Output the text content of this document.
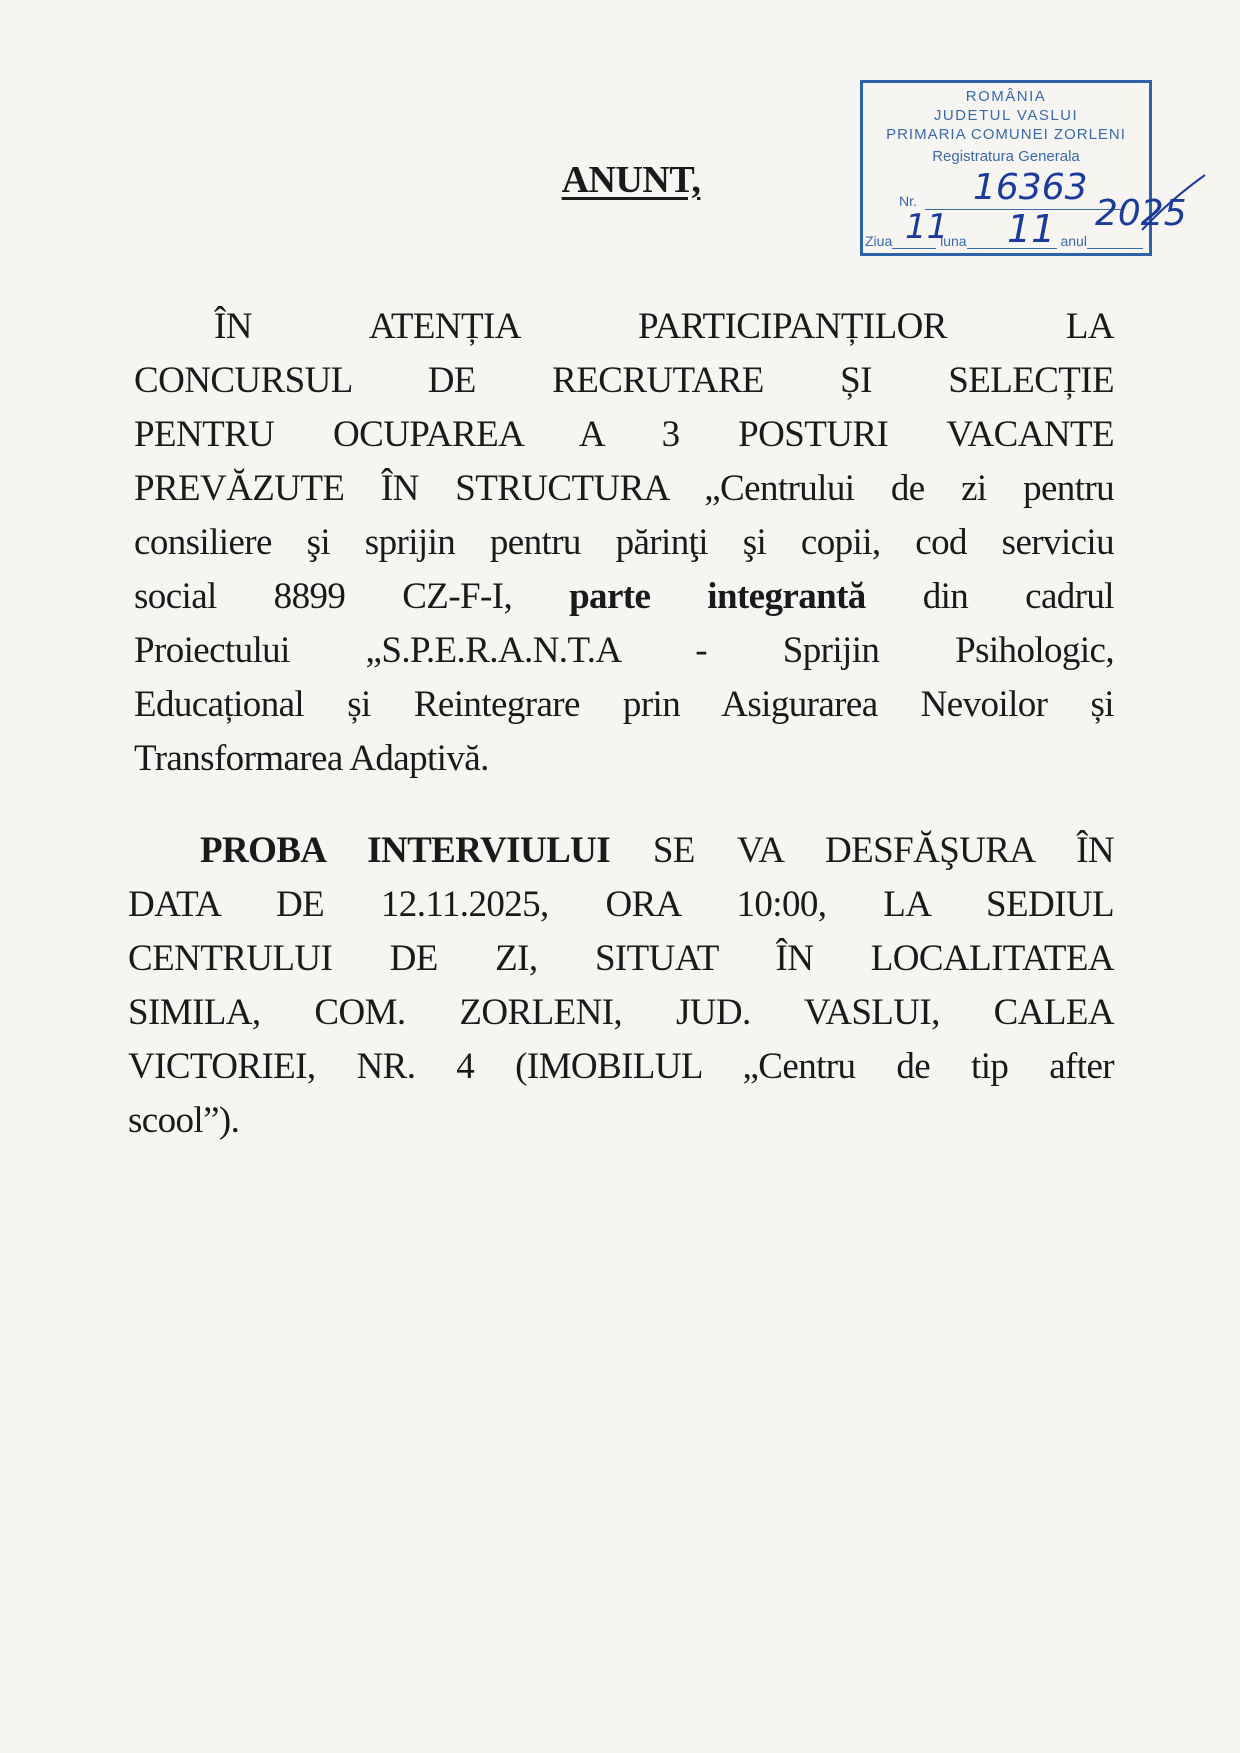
ANUNT,
ROMÂNIA
JUDETUL VASLUI
PRIMARIA COMUNEI ZORLENI
Registratura Generala
Nr. 16363
Ziua	luna	anul
11 11 2025
ÎN ATENȚIA PARTICIPANȚILOR LA
CONCURSUL DE RECRUTARE ȘI SELECȚIE
PENTRU OCUPAREA A 3 POSTURI VACANTE
PREVĂZUTE ÎN STRUCTURA „Centrului de zi pentru
consiliere şi sprijin pentru părinţi şi copii, cod serviciu
social 8899 CZ-F-I, parte integrantă din cadrul
Proiectului „S.P.E.R.A.N.T.A - Sprijin Psihologic,
Educațional și Reintegrare prin Asigurarea Nevoilor și
Transformarea Adaptivă.
PROBA INTERVIULUI SE VA DESFĂŞURA ÎN
DATA DE 12.11.2025, ORA 10:00, LA SEDIUL
CENTRULUI DE ZI, SITUAT ÎN LOCALITATEA
SIMILA, COM. ZORLENI, JUD. VASLUI, CALEA
VICTORIEI, NR. 4 (IMOBILUL „Centru de tip after
scool”).
